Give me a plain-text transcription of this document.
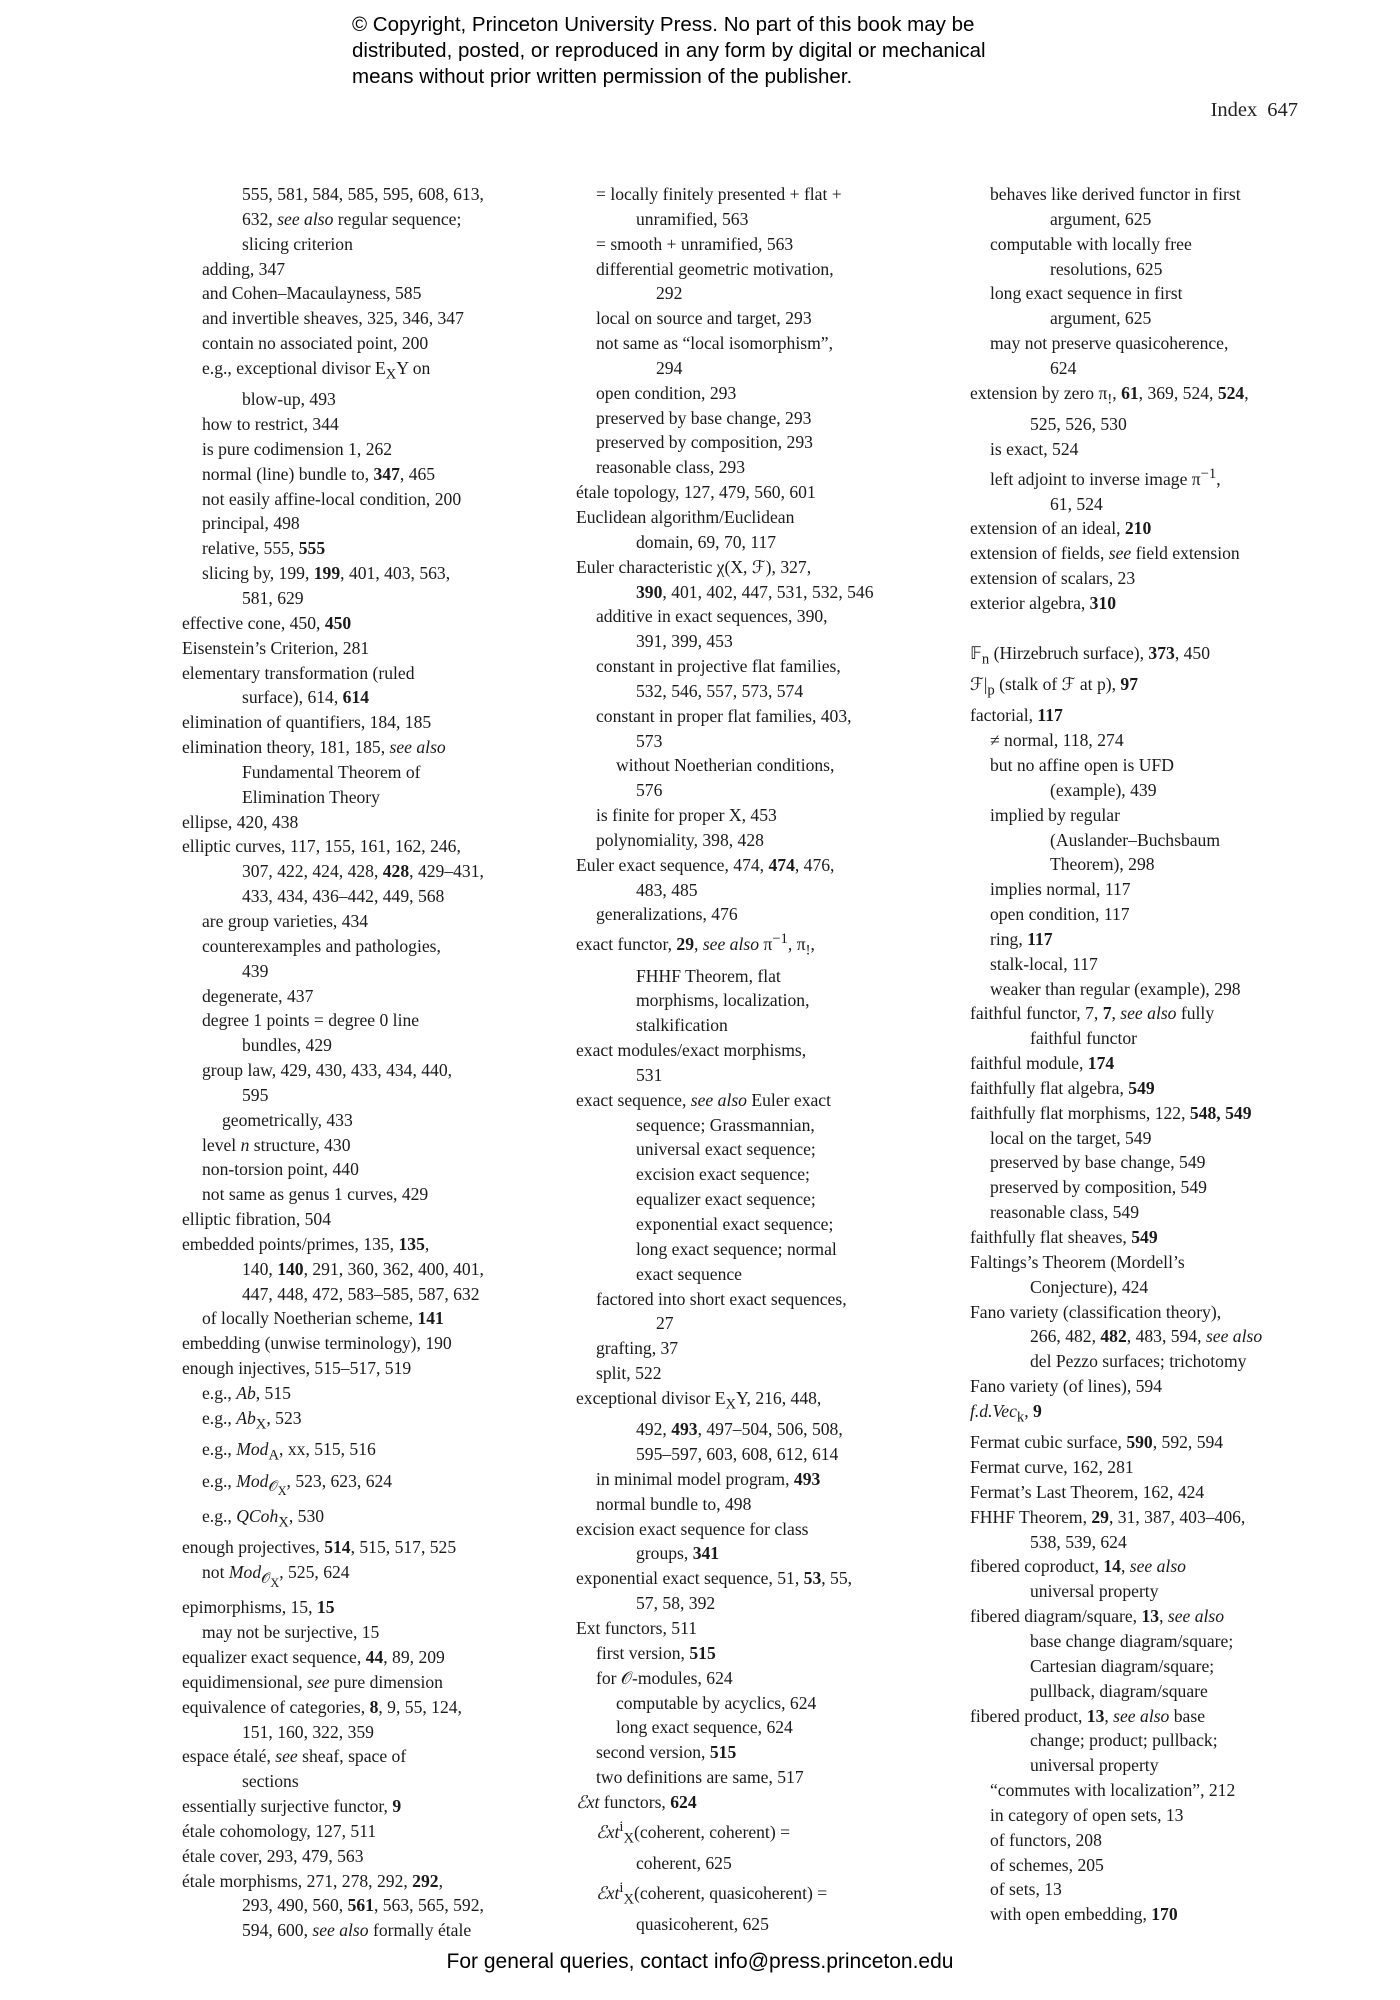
© Copyright, Princeton University Press. No part of this book may be
distributed, posted, or reproduced in any form by digital or mechanical
means without prior written permission of the publisher.
Index 647
555, 581, 584, 585, 595, 608, 613,
632, see also regular sequence;
slicing criterion
adding, 347
and Cohen–Macaulayness, 585
and invertible sheaves, 325, 346, 347
contain no associated point, 200
e.g., exceptional divisor $E_XY$ on
blow-up, 493
how to restrict, 344
is pure codimension 1, 262
normal (line) bundle to, 347, 465
not easily affine-local condition, 200
principal, 498
relative, 555, 555
slicing by, 199, 199, 401, 403, 563,
581, 629
effective cone, 450, 450
Eisenstein’s Criterion, 281
elementary transformation (ruled
surface), 614, 614
elimination of quantifiers, 184, 185
elimination theory, 181, 185, see also
Fundamental Theorem of
Elimination Theory
ellipse, 420, 438
elliptic curves, 117, 155, 161, 162, 246,
307, 422, 424, 428, 428, 429–431,
433, 434, 436–442, 449, 568
are group varieties, 434
counterexamples and pathologies,
439
degenerate, 437
degree 1 points = degree 0 line
bundles, 429
group law, 429, 430, 433, 434, 440,
595
geometrically, 433
level n structure, 430
non-torsion point, 440
not same as genus 1 curves, 429
elliptic fibration, 504
embedded points/primes, 135, 135,
140, 140, 291, 360, 362, 400, 401,
447, 448, 472, 583–585, 587, 632
of locally Noetherian scheme, 141
embedding (unwise terminology), 190
enough injectives, 515–517, 519
e.g., Ab, 515
e.g., $Ab_X$, 523
e.g., Mod$_A$, xx, 515, 516
e.g., Mod$_{𝒪_X}$, 523, 623, 624
e.g., QCoh$_X$, 530
enough projectives, 514, 515, 517, 525
not Mod$_{𝒪_X}$, 525, 624
epimorphisms, 15, 15
may not be surjective, 15
equalizer exact sequence, 44, 89, 209
equidimensional, see pure dimension
equivalence of categories, 8, 9, 55, 124,
151, 160, 322, 359
espace étalé, see sheaf, space of
sections
essentially surjective functor, 9
étale cohomology, 127, 511
étale cover, 293, 479, 563
étale morphisms, 271, 278, 292, 292,
293, 490, 560, 561, 563, 565, 592,
594, 600, see also formally étale
= locally finitely presented + flat +
unramified, 563
= smooth + unramified, 563
differential geometric motivation,
292
local on source and target, 293
not same as “local isomorphism”,
294
open condition, 293
preserved by base change, 293
preserved by composition, 293
reasonable class, 293
étale topology, 127, 479, 560, 601
Euclidean algorithm/Euclidean
domain, 69, 70, 117
Euler characteristic χ(X, ℱ), 327,
390, 401, 402, 447, 531, 532, 546
additive in exact sequences, 390,
391, 399, 453
constant in projective flat families,
532, 546, 557, 573, 574
constant in proper flat families, 403,
573
without Noetherian conditions,
576
is finite for proper X, 453
polynomiality, 398, 428
Euler exact sequence, 474, 474, 476,
483, 485
generalizations, 476
exact functor, 29, see also $\pi^{-1}$, $\pi_!$,
FHHF Theorem, flat
morphisms, localization,
stalkification
exact modules/exact morphisms,
531
exact sequence, see also Euler exact
sequence; Grassmannian,
universal exact sequence;
excision exact sequence;
equalizer exact sequence;
exponential exact sequence;
long exact sequence; normal
exact sequence
factored into short exact sequences,
27
grafting, 37
split, 522
exceptional divisor $E_XY$, 216, 448,
492, 493, 497–504, 506, 508,
595–597, 603, 608, 612, 614
in minimal model program, 493
normal bundle to, 498
excision exact sequence for class
groups, 341
exponential exact sequence, 51, 53, 55,
57, 58, 392
Ext functors, 511
first version, 515
for 𝒪-modules, 624
computable by acyclics, 624
long exact sequence, 624
second version, 515
two definitions are same, 517
ℰxt functors, 624
ℰxt$^i_X$(coherent, coherent) =
coherent, 625
ℰxt$^i_X$(coherent, quasicoherent) =
quasicoherent, 625
behaves like derived functor in first
argument, 625
computable with locally free
resolutions, 625
long exact sequence in first
argument, 625
may not preserve quasicoherence,
624
extension by zero $\pi_!$, 61, 369, 524, 524,
525, 526, 530
is exact, 524
left adjoint to inverse image $\pi^{-1}$,
61, 524
extension of an ideal, 210
extension of fields, see field extension
extension of scalars, 23
exterior algebra, 310
𝔽$_n$ (Hirzebruch surface), 373, 450
$ℱ|_p$ (stalk of ℱ at p), 97
factorial, 117
≠ normal, 118, 274
but no affine open is UFD
(example), 439
implied by regular
(Auslander–Buchsbaum
Theorem), 298
implies normal, 117
open condition, 117
ring, 117
stalk-local, 117
weaker than regular (example), 298
faithful functor, 7, 7, see also fully
faithful functor
faithful module, 174
faithfully flat algebra, 549
faithfully flat morphisms, 122, 548, 549
local on the target, 549
preserved by base change, 549
preserved by composition, 549
reasonable class, 549
faithfully flat sheaves, 549
Faltings’s Theorem (Mordell’s
Conjecture), 424
Fano variety (classification theory),
266, 482, 482, 483, 594, see also
del Pezzo surfaces; trichotomy
Fano variety (of lines), 594
f.d.Vec$_k$, 9
Fermat cubic surface, 590, 592, 594
Fermat curve, 162, 281
Fermat’s Last Theorem, 162, 424
FHHF Theorem, 29, 31, 387, 403–406,
538, 539, 624
fibered coproduct, 14, see also
universal property
fibered diagram/square, 13, see also
base change diagram/square;
Cartesian diagram/square;
pullback, diagram/square
fibered product, 13, see also base
change; product; pullback;
universal property
“commutes with localization”, 212
in category of open sets, 13
of functors, 208
of schemes, 205
of sets, 13
with open embedding, 170
For general queries, contact info@press.princeton.edu
